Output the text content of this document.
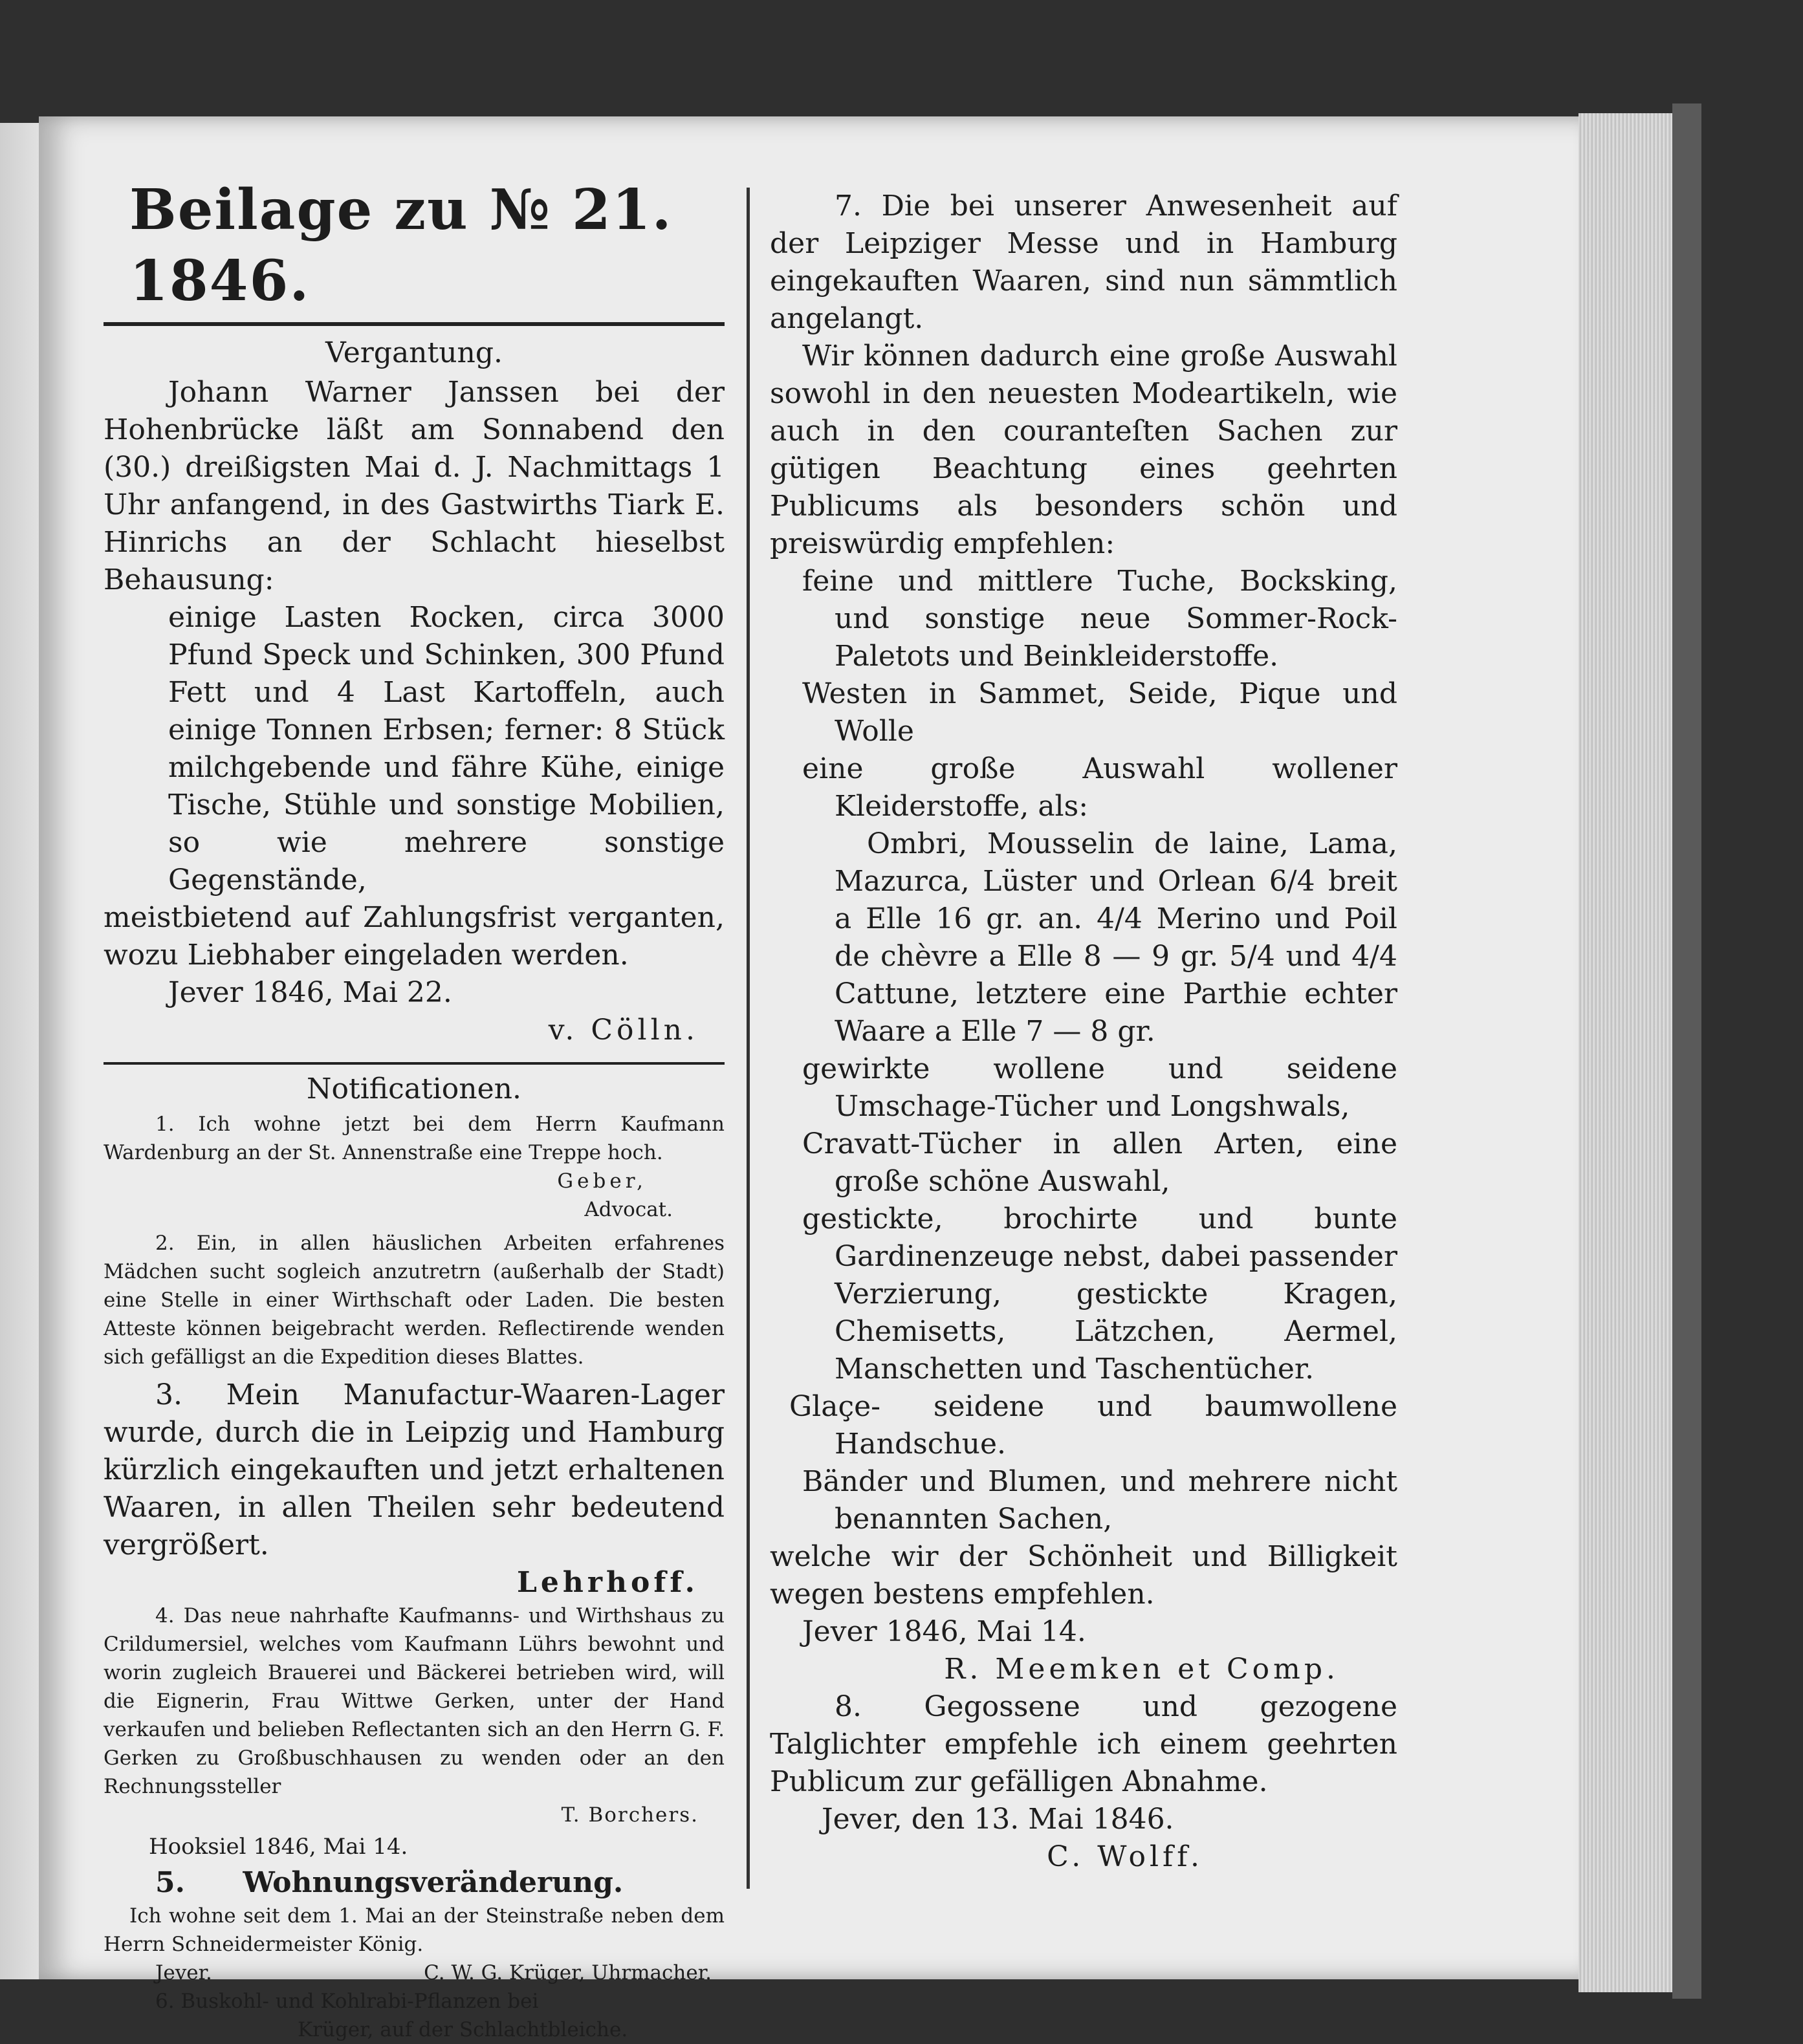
Beilage zu № 21. 1846.
Vergantung.

Johann Warner Janssen bei der Hohenbrücke läßt am Sonnabend den (30.) dreißigsten Mai d. J. Nachmittags 1 Uhr anfangend, in des Gastwirths Tiark E. Hinrichs an der Schlacht hieselbst Behausung:

einige Lasten Rocken, circa 3000 Pfund Speck und Schinken, 300 Pfund Fett und 4 Last Kartoffeln, auch einige Tonnen Erbsen; ferner: 8 Stück milchgebende und fähre Kühe, einige Tische, Stühle und sonstige Mobilien, so wie mehrere sonstige Gegenstände,

meistbietend auf Zahlungsfrist verganten, wozu Liebhaber eingeladen werden.

Jever 1846, Mai 22.

v. Cölln.

Notificationen.

1. Ich wohne jetzt bei dem Herrn Kaufmann Wardenburg an der St. Annenstraße eine Treppe hoch.

Geber,

Advocat.

2. Ein, in allen häuslichen Arbeiten erfahrenes Mädchen sucht sogleich anzutretrn (außerhalb der Stadt) eine Stelle in einer Wirthschaft oder Laden. Die besten Atteste können beigebracht werden. Reflectirende wenden sich gefälligst an die Expedition dieses Blattes.

3. Mein Manufactur-Waaren-Lager wurde, durch die in Leipzig und Hamburg kürzlich eingekauften und jetzt erhaltenen Waaren, in allen Theilen sehr bedeutend vergrößert.

Lehrhoff.

4. Das neue nahrhafte Kaufmanns- und Wirthshaus zu Crildumersiel, welches vom Kaufmann Lührs bewohnt und worin zugleich Brauerei und Bäckerei betrieben wird, will die Eignerin, Frau Wittwe Gerken, unter der Hand verkaufen und belieben Reflectanten sich an den Herrn G. F. Gerken zu Großbuschhausen zu wenden oder an den Rechnungssteller

T. Borchers.

Hooksiel 1846, Mai 14.

5. Wohnungsveränderung.

Ich wohne seit dem 1. Mai an der Steinstraße neben dem Herrn Schneidermeister König.

Jever.	C. W. G. Krüger, Uhrmacher.

6. Buskohl- und Kohlrabi-Pflanzen bei

Krüger, auf der Schlachtbleiche.

7. Die bei unserer Anwesenheit auf der Leipziger Messe und in Hamburg eingekauften Waaren, sind nun sämmtlich angelangt.

Wir können dadurch eine große Auswahl sowohl in den neuesten Modeartikeln, wie auch in den couranteſten Sachen zur gütigen Beachtung eines geehrten Publicums als besonders schön und preiswürdig empfehlen:

feine und mittlere Tuche, Bocksking, und sonstige neue Sommer-Rock-Paletots und Beinkleiderstoffe.

Westen in Sammet, Seide, Pique und Wolle

eine große Auswahl wollener Kleiderstoffe, als:

Ombri, Mousselin de laine, Lama, Mazurca, Lüster und Orlean 6/4 breit a Elle 16 gr. an. 4/4 Merino und Poil de chèvre a Elle 8 — 9 gr. 5/4 und 4/4 Cattune, letztere eine Parthie echter Waare a Elle 7 — 8 gr.

gewirkte wollene und seidene Umschage-Tücher und Longshwals,

Cravatt-Tücher in allen Arten, eine große schöne Auswahl,

gestickte, brochirte und bunte Gardinenzeuge nebst, dabei passender Verzierung, gestickte Kragen, Chemisetts, Lätzchen, Aermel, Manschetten und Taschentücher.

Glaçe- seidene und baumwollene Handschue.

Bänder und Blumen, und mehrere nicht benannten Sachen,

welche wir der Schönheit und Billigkeit wegen bestens empfehlen.

Jever 1846, Mai 14.

R. Meemken et Comp.

8. Gegossene und gezogene Talglichter empfehle ich einem geehrten Publicum zur gefälligen Abnahme.

Jever, den 13. Mai 1846.

C. Wolff.
